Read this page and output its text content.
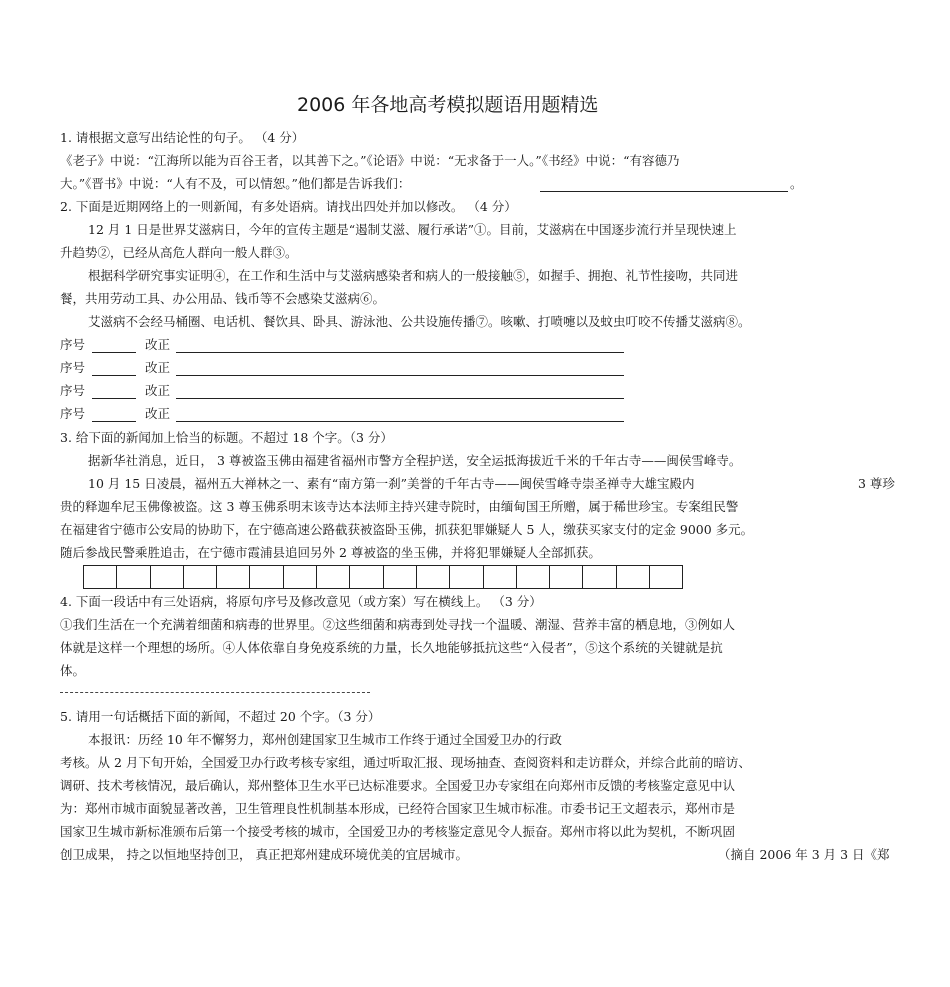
2006 年各地高考模拟题语用题精选
1. 请根据文意写出结论性的句子。 （4 分）
《老子》中说：“江海所以能为百谷王者，以其善下之。”《论语》中说：“无求备于一人。”《书经》中说：“有容德乃
大。”《晋书》中说：“人有不及，可以情恕。”他们都是告诉我们：	。
2. 下面是近期网络上的一则新闻，有多处语病。请找出四处并加以修改。 （4 分）
12 月 1 日是世界艾滋病日，今年的宣传主题是“遏制艾滋、履行承诺”①。目前，艾滋病在中国逐步流行并呈现快速上
升趋势②，已经从高危人群向一般人群③。
根据科学研究事实证明④，在工作和生活中与艾滋病感染者和病人的一般接触⑤，如握手、拥抱、礼节性接吻，共同进
餐，共用劳动工具、办公用品、钱币等不会感染艾滋病⑥。
艾滋病不会经马桶圈、电话机、餐饮具、卧具、游泳池、公共设施传播⑦。咳嗽、打喷嚏以及蚊虫叮咬不传播艾滋病⑧。
序号	改正
序号	改正
序号	改正
序号	改正
3. 给下面的新闻加上恰当的标题。不超过 18 个字。（3 分）
据新华社消息，近日， 3 尊被盗玉佛由福建省福州市警方全程护送，安全运抵海拔近千米的千年古寺——闽侯雪峰寺。
10 月 15 日凌晨，福州五大禅林之一、素有“南方第一刹”美誉的千年古寺——闽侯雪峰寺崇圣禅寺大雄宝殿内	3 尊珍
贵的释迦牟尼玉佛像被盗。这 3 尊玉佛系明末该寺达本法师主持兴建寺院时，由缅甸国王所赠，属于稀世珍宝。专案组民警
在福建省宁德市公安局的协助下，在宁德高速公路截获被盗卧玉佛，抓获犯罪嫌疑人 5 人，缴获买家支付的定金 9000 多元。
随后参战民警乘胜追击，在宁德市霞浦县追回另外 2 尊被盗的坐玉佛，并将犯罪嫌疑人全部抓获。
4. 下面一段话中有三处语病，将原句序号及修改意见（或方案）写在横线上。 （3 分）
①我们生活在一个充满着细菌和病毒的世界里。②这些细菌和病毒到处寻找一个温暖、潮湿、营养丰富的栖息地，③例如人
体就是这样一个理想的场所。④人体依靠自身免疫系统的力量，长久地能够抵抗这些“入侵者”，⑤这个系统的关键就是抗
体。
5. 请用一句话概括下面的新闻，不超过 20 个字。（3 分）
本报讯：历经 10 年不懈努力，郑州创建国家卫生城市工作终于通过全国爱卫办的行政
考核。从 2 月下旬开始，全国爱卫办行政考核专家组，通过听取汇报、现场抽查、查阅资料和走访群众，并综合此前的暗访、
调研、技术考核情况，最后确认，郑州整体卫生水平已达标准要求。全国爱卫办专家组在向郑州市反馈的考核鉴定意见中认
为：郑州市城市面貌显著改善，卫生管理良性机制基本形成，已经符合国家卫生城市标准。市委书记王文超表示，郑州市是
国家卫生城市新标准颁布后第一个接受考核的城市，全国爱卫办的考核鉴定意见令人振奋。郑州市将以此为契机，不断巩固
创卫成果， 持之以恒地坚持创卫， 真正把郑州建成环境优美的宜居城市。	（摘自 2006 年 3 月 3 日《郑
